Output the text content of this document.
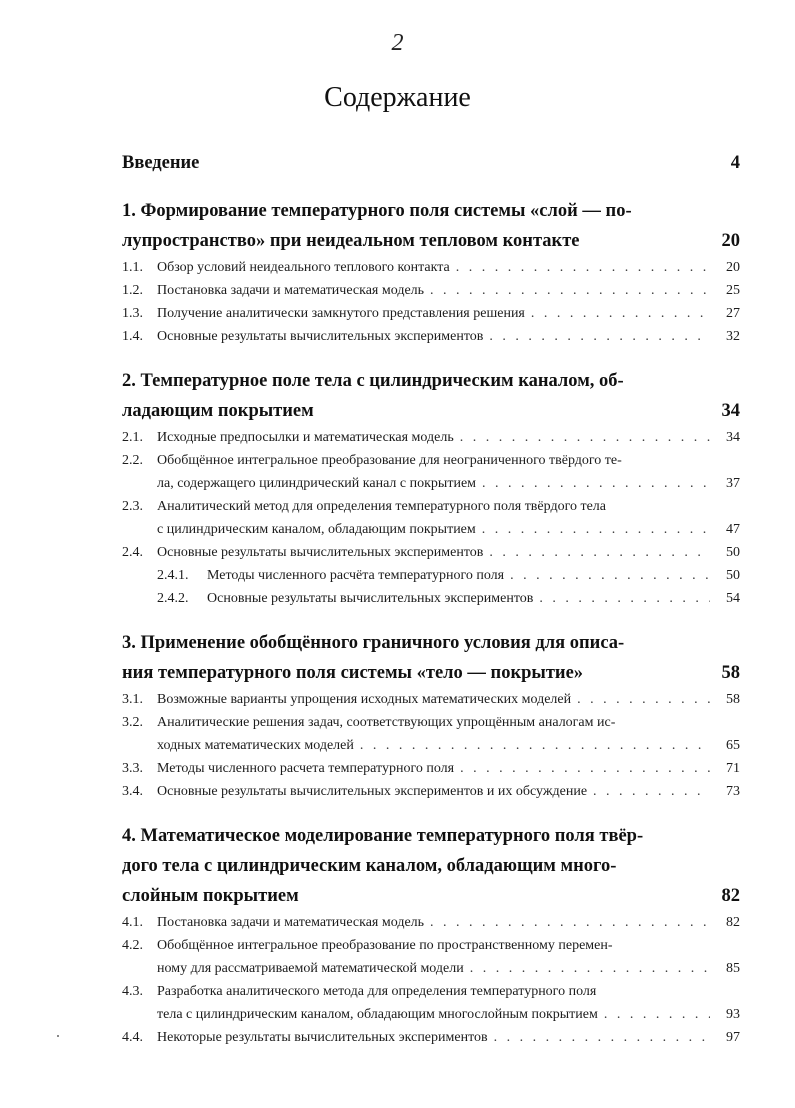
2
Содержание
Введение	4
1. Формирование температурного поля системы «слой — по-
лупространство» при неидеальном тепловом контакте	20
1.1.	Обзор условий неидеального теплового контакта . . .	20
1.2.	Постановка задачи и математическая модель . . .	25
1.3.	Получение аналитически замкнутого представления решения . . .	27
1.4.	Основные результаты вычислительных экспериментов . . .	32
2. Температурное поле тела с цилиндрическим каналом, об-
ладающим покрытием	34
2.1.	Исходные предпосылки и математическая модель . . .	34
2.2.	Обобщённое интегральное преобразование для неограниченного твёрдого те-
ла, содержащего цилиндрический канал с покрытием . . .	37
2.3.	Аналитический метод для определения температурного поля твёрдого тела
с цилиндрическим каналом, обладающим покрытием . . .	47
2.4.	Основные результаты вычислительных экспериментов . . .	50
2.4.1.	Методы численного расчёта температурного поля . . .	50
2.4.2.	Основные результаты вычислительных экспериментов . . .	54
3. Применение обобщённого граничного условия для описа-
ния температурного поля системы «тело — покрытие»	58
3.1.	Возможные варианты упрощения исходных математических моделей . . .	58
3.2.	Аналитические решения задач, соответствующих упрощённым аналогам ис-
ходных математических моделей . . .	65
3.3.	Методы численного расчета температурного поля . . .	71
3.4.	Основные результаты вычислительных экспериментов и их обсуждение . . .	73
4. Математическое моделирование температурного поля твёр-
дого тела с цилиндрическим каналом, обладающим много-
слойным покрытием	82
4.1.	Постановка задачи и математическая модель . . .	82
4.2.	Обобщённое интегральное преобразование по пространственному перемен-
ному для рассматриваемой математической модели . . .	85
4.3.	Разработка аналитического метода для определения температурного поля
тела с цилиндрическим каналом, обладающим многослойным покрытием . . .	93
4.4.	Некоторые результаты вычислительных экспериментов . . .	97
